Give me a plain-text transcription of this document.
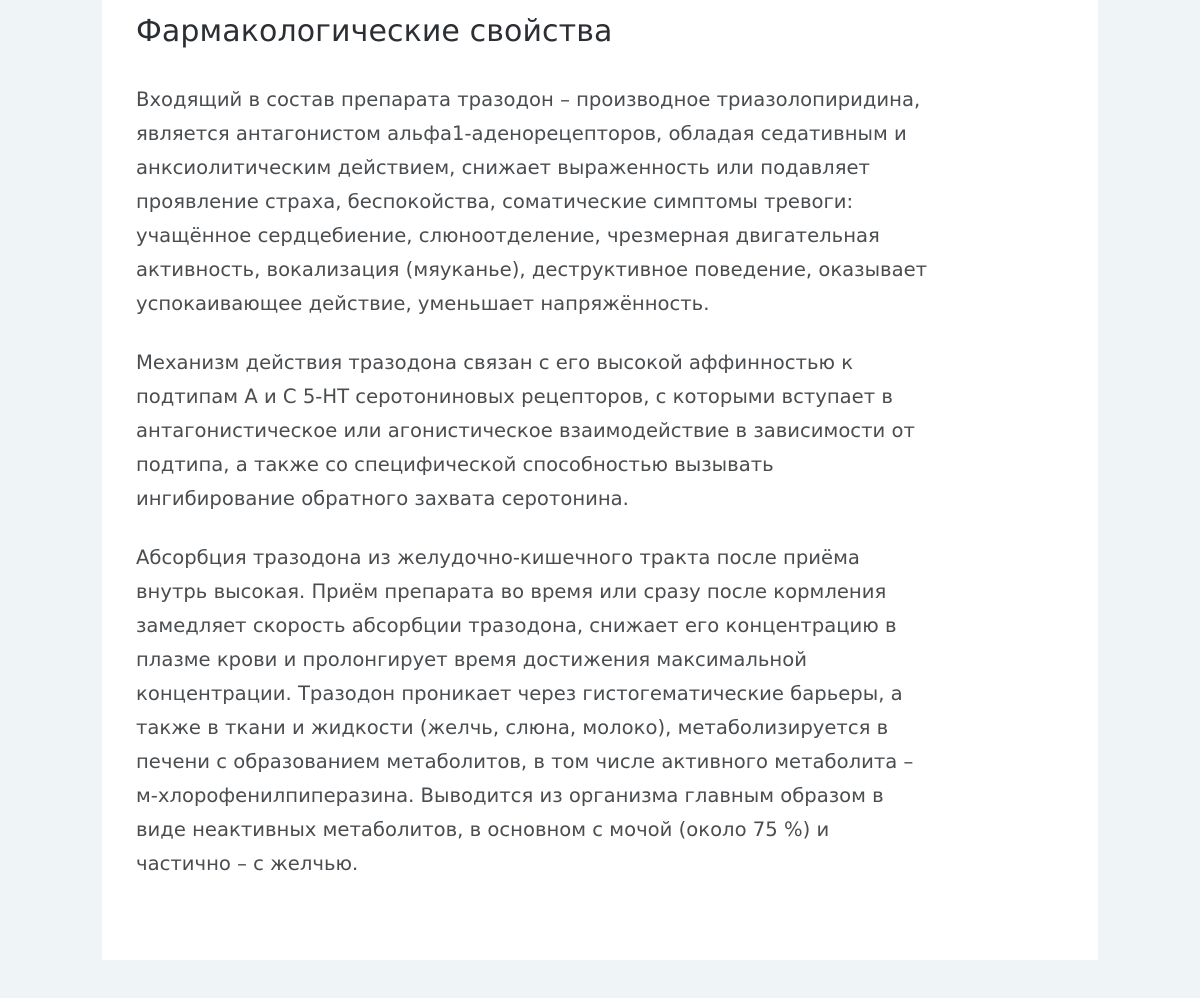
Фармакологические свойства

Входящий в состав препарата тразодон – производное триазолопиридина,
является антагонистом альфа1-аденорецепторов, обладая седативным и
анксиолитическим действием, снижает выраженность или подавляет
проявление страха, беспокойства, соматические симптомы тревоги:
учащённое сердцебиение, слюноотделение, чрезмерная двигательная
активность, вокализация (мяуканье), деструктивное поведение, оказывает
успокаивающее действие, уменьшает напряжённость.

Механизм действия тразодона связан с его высокой аффинностью к
подтипам А и С 5-НТ серотониновых рецепторов, с которыми вступает в
антагонистическое или агонистическое взаимодействие в зависимости от
подтипа, а также со специфической способностью вызывать
ингибирование обратного захвата серотонина.

Абсорбция тразодона из желудочно-кишечного тракта после приёма
внутрь высокая. Приём препарата во время или сразу после кормления
замедляет скорость абсорбции тразодона, снижает его концентрацию в
плазме крови и пролонгирует время достижения максимальной
концентрации. Тразодон проникает через гистогематические барьеры, а
также в ткани и жидкости (желчь, слюна, молоко), метаболизируется в
печени с образованием метаболитов, в том числе активного метаболита –
м-хлорофенилпиперазина. Выводится из организма главным образом в
виде неактивных метаболитов, в основном с мочой (около 75 %) и
частично – с желчью.
